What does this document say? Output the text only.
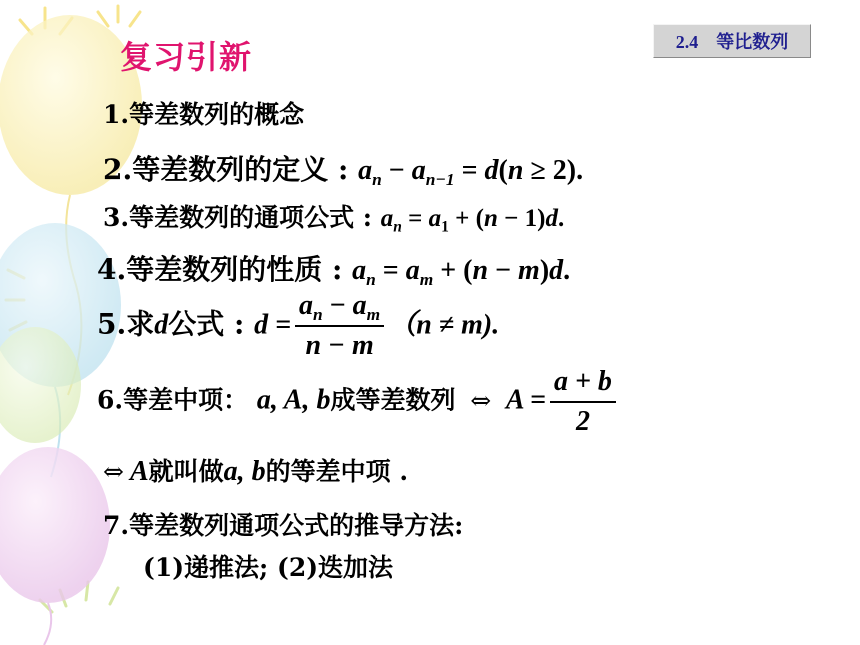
复习引新	2.4　等比数列
1.等差数列的概念
2.等差数列的定义 : $a_n - a_{n-1} = d(n \ge 2)$.
3.等差数列的通项公式 : $a_n = a_1 + (n - 1)d$.
4.等差数列的性质 : $a_n = a_m + (n - m)d$.
5.求d公式 : $d = \frac{a_n - a_m}{n - m} (n \ne m)$.
6.等差中项： a, A, b成等差数列 ⇔ $A = \frac{a + b}{2}$
⇔ A就叫做a, b的等差中项 .
7.等差数列通项公式的推导方法:
(1)递推法; (2)迭加法
